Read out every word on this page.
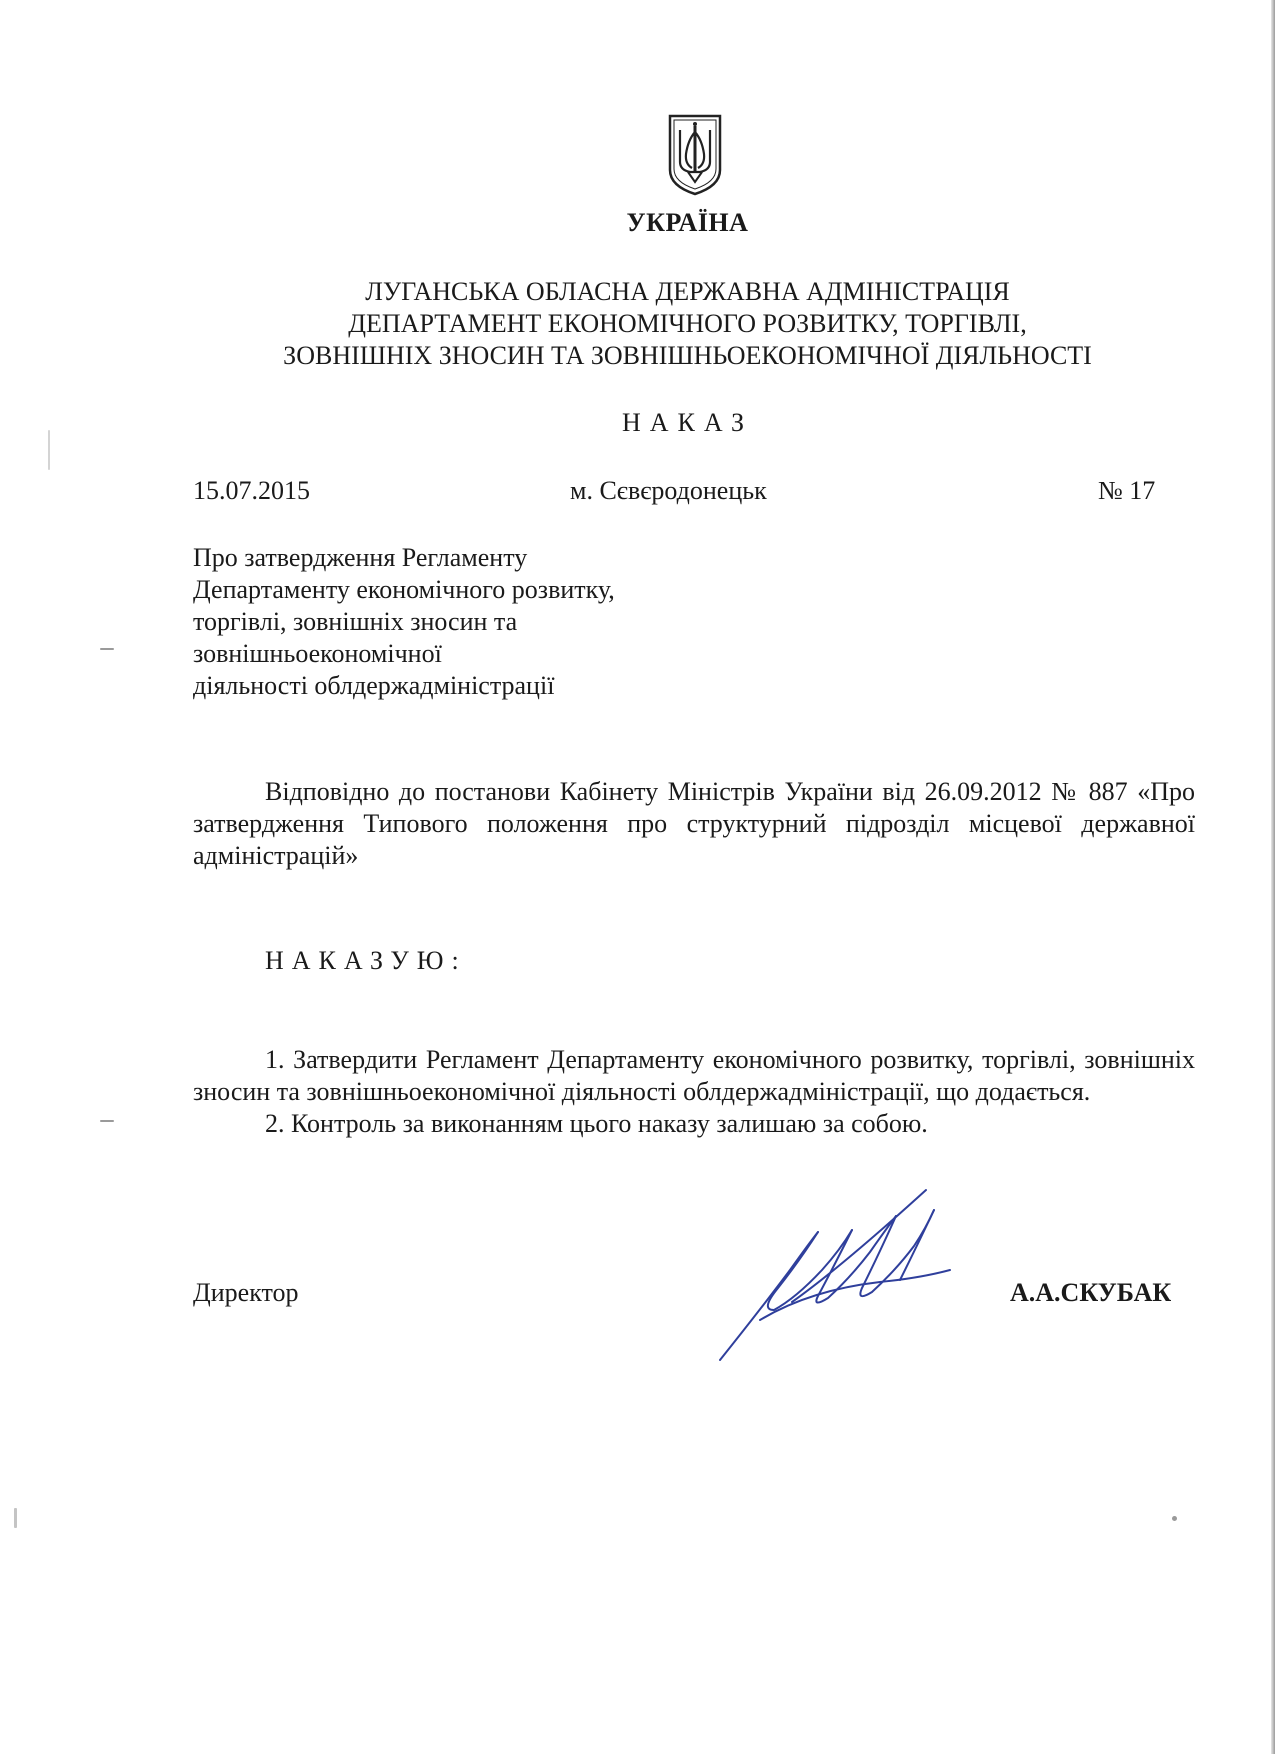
УКРАЇНА
ЛУГАНСЬКА ОБЛАСНА ДЕРЖАВНА АДМІНІСТРАЦІЯ
ДЕПАРТАМЕНТ ЕКОНОМІЧНОГО РОЗВИТКУ, ТОРГІВЛІ,
ЗОВНІШНІХ ЗНОСИН ТА ЗОВНІШНЬОЕКОНОМІЧНОЇ ДІЯЛЬНОСТІ
НАКАЗ
15.07.2015	м. Сєвєродонецьк	№ 17
Про затвердження Регламенту
Департаменту економічного розвитку,
торгівлі, зовнішніх зносин та
зовнішньоекономічної
діяльності облдержадміністрації
Відповідно до постанови Кабінету Міністрів України від 26.09.2012 № 887 «Про затвердження Типового положення про структурний підрозділ місцевої державної адміністрацій»
НАКАЗУЮ:

1. Затвердити Регламент Департаменту економічного розвитку, торгівлі, зовнішніх зносин та зовнішньоекономічної діяльності облдержадміністрації, що додається.

2. Контроль за виконанням цього наказу залишаю за собою.

Директор	А.А.СКУБАК
